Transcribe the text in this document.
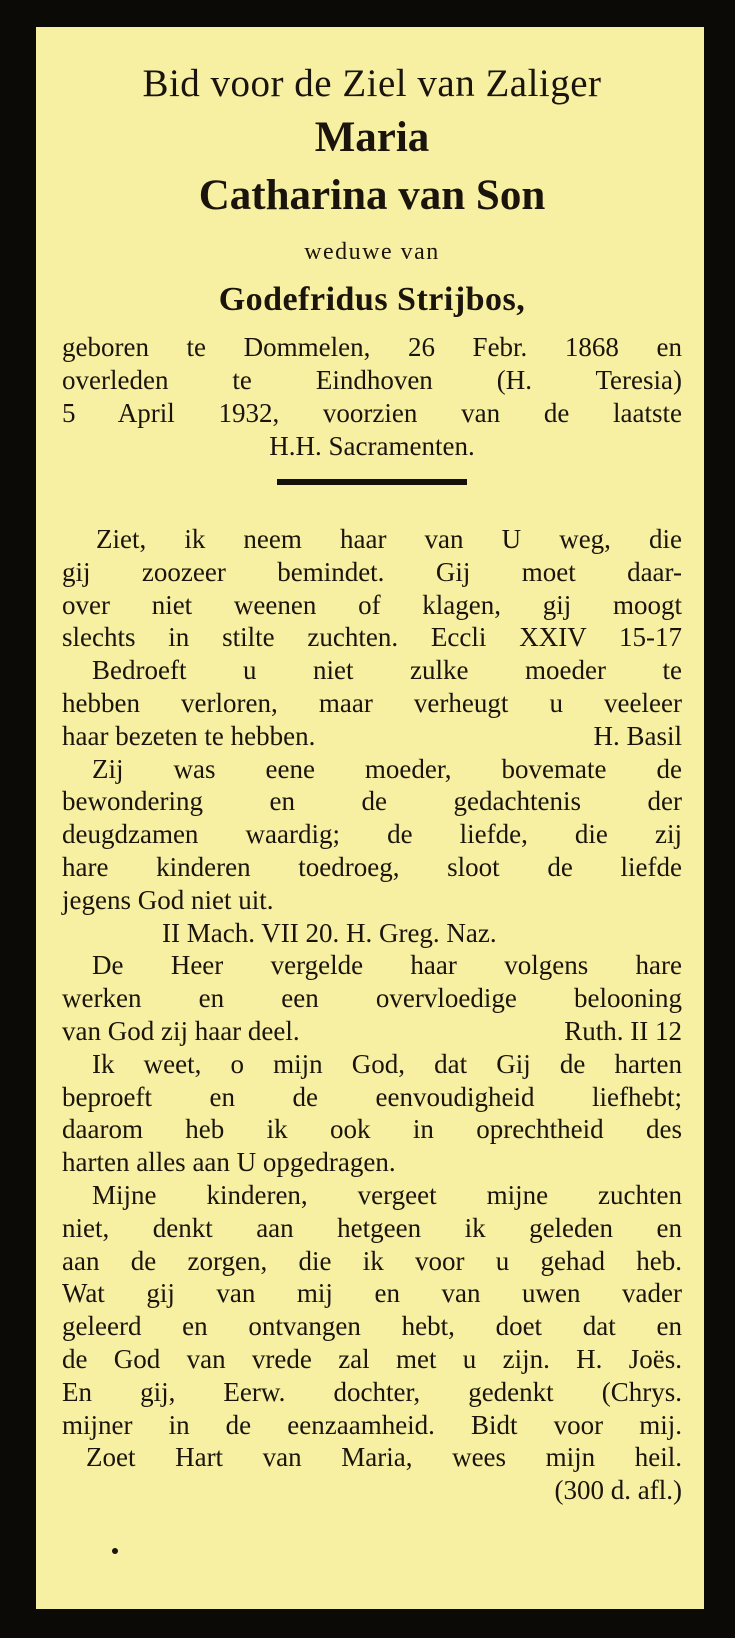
Bid voor de Ziel van Zaliger

Maria

Catharina van Son

weduwe van
Godefridus Strijbos,
geboren te Dommelen, 26 Febr. 1868 en
overleden te Eindhoven (H. Teresia)
5 April 1932, voorzien van de laatste
H.H. Sacramenten.
Ziet, ik neem haar van U weg, die
gij zoozeer bemindet. Gij moet daar-
over niet weenen of klagen, gij moogt
slechts in stilte zuchten. Eccli XXIV 15-17
Bedroeft u niet zulke moeder te
hebben verloren, maar verheugt u veeleer
haar bezeten te hebben.	H. Basil
Zij was eene moeder, bovemate de
bewondering en de gedachtenis der
deugdzamen waardig; de liefde, die zij
hare kinderen toedroeg, sloot de liefde
jegens God niet uit.
II Mach. VII 20. H. Greg. Naz.
De Heer vergelde haar volgens hare
werken en een overvloedige belooning
van God zij haar deel.	Ruth. II 12
Ik weet, o mijn God, dat Gij de harten
beproeft en de eenvoudigheid liefhebt;
daarom heb ik ook in oprechtheid des
harten alles aan U opgedragen.
Mijne kinderen, vergeet mijne zuchten
niet, denkt aan hetgeen ik geleden en
aan de zorgen, die ik voor u gehad heb.
Wat gij van mij en van uwen vader
geleerd en ontvangen hebt, doet dat en
de God van vrede zal met u zijn. H. Joës.
En gij, Eerw. dochter, gedenkt (Chrys.
mijner in de eenzaamheid. Bidt voor mij.
Zoet Hart van Maria, wees mijn heil.
(300 d. afl.)
